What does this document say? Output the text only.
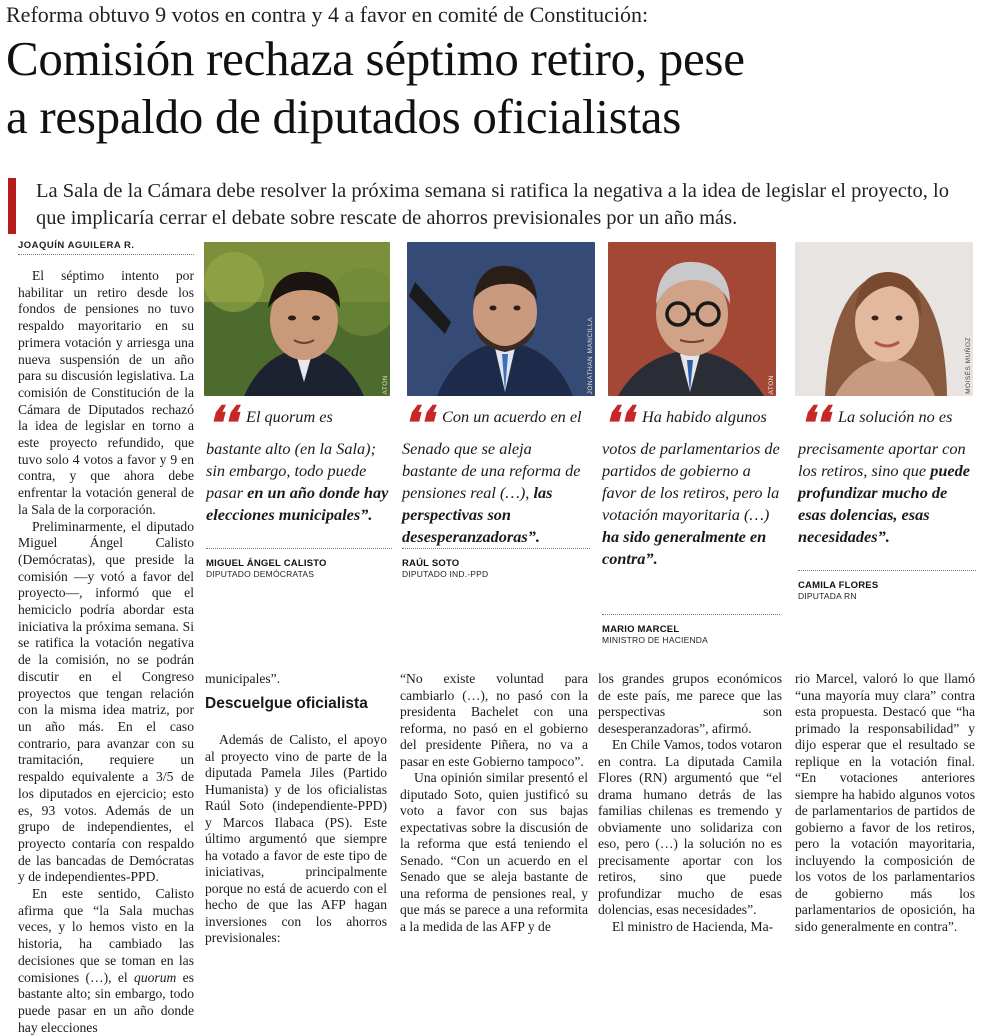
Reforma obtuvo 9 votos en contra y 4 a favor en comité de Constitución:
Comisión rechaza séptimo retiro, pese
a respaldo de diputados oficialistas
La Sala de la Cámara debe resolver la próxima semana si ratifica la negativa a la idea de legislar el proyecto, lo que implicaría cerrar el debate sobre rescate de ahorros previsionales por un año más.
JOAQUÍN AGUILERA R.

El séptimo intento por habilitar un retiro desde los fondos de pensiones no tuvo respaldo mayoritario en su primera votación y arriesga una nueva suspensión de un año para su discusión legislativa. La comisión de Constitución de la Cámara de Diputados rechazó la idea de legislar en torno a este proyecto refundido, que tuvo solo 4 votos a favor y 9 en contra, y que ahora debe enfrentar la votación general de la Sala de la corporación.

Preliminarmente, el diputado Miguel Ángel Calisto (Demócratas), que preside la comisión —y votó a favor del proyecto—, informó que el hemiciclo podría abordar esta iniciativa la próxima semana. Si se ratifica la votación negativa de la comisión, no se podrán discutir en el Congreso proyectos que tengan relación con la misma idea matriz, por un año más. En el caso contrario, para avanzar con su tramitación, requiere un respaldo equivalente a 3/5 de los diputados en ejercicio; esto es, 93 votos. Además de un grupo de independientes, el proyecto contaría con respaldo de las bancadas de Demócratas y de independientes-PPD.

En este sentido, Calisto afirma que “la Sala muchas veces, y lo hemos visto en la historia, ha cambiado las decisiones que se toman en las comisiones (…), el quorum es bastante alto; sin embargo, todo puede pasar en un año donde hay elecciones

ATON	JONATHAN MANCILLA	ATON	MOISÉS MUÑOZ
❛❛ El quorum es bastante alto (en la Sala); sin embargo, todo puede pasar en un año donde hay elecciones municipales”.
MIGUEL ÁNGEL CALISTO
DIPUTADO DEMÓCRATAS
❛❛ Con un acuerdo en el Senado que se aleja bastante de una reforma de pensiones real (…), las perspectivas son desesperanzadoras”.
RAÚL SOTO
DIPUTADO IND.-PPD
❛❛ Ha habido algunos votos de parlamentarios de partidos de gobierno a favor de los retiros, pero la votación mayoritaria (…) ha sido generalmente en contra”.
MARIO MARCEL
MINISTRO DE HACIENDA
❛❛ La solución no es precisamente aportar con los retiros, sino que puede profundizar mucho de esas dolencias, esas necesidades”.
CAMILA FLORES
DIPUTADA RN
municipales”.
Descuelgue oficialista

Además de Calisto, el apoyo al proyecto vino de parte de la diputada Pamela Jiles (Partido Humanista) y de los oficialistas Raúl Soto (independiente-PPD) y Marcos Ilabaca (PS). Este último argumentó que siempre ha votado a favor de este tipo de iniciativas, principalmente porque no está de acuerdo con el hecho de que las AFP hagan inversiones con los ahorros previsionales:

“No existe voluntad para cambiarlo (…), no pasó con la presidenta Bachelet con una reforma, no pasó en el gobierno del presidente Piñera, no va a pasar en este Gobierno tampoco”.

Una opinión similar presentó el diputado Soto, quien justificó su voto a favor con sus bajas expectativas sobre la discusión de la reforma que está teniendo el Senado. “Con un acuerdo en el Senado que se aleja bastante de una reforma de pensiones real, y que más se parece a una reformita a la medida de las AFP y de

los grandes grupos económicos de este país, me parece que las perspectivas son desesperanzadoras”, afirmó.

En Chile Vamos, todos votaron en contra. La diputada Camila Flores (RN) argumentó que “el drama humano detrás de las familias chilenas es tremendo y obviamente uno solidariza con eso, pero (…) la solución no es precisamente aportar con los retiros, sino que puede profundizar mucho de esas dolencias, esas necesidades”.

El ministro de Hacienda, Ma-

rio Marcel, valoró lo que llamó “una mayoría muy clara” contra esta propuesta. Destacó que “ha primado la responsabilidad” y dijo esperar que el resultado se replique en la votación final. “En votaciones anteriores siempre ha habido algunos votos de parlamentarios de partidos de gobierno a favor de los retiros, pero la votación mayoritaria, incluyendo la composición de los votos de los parlamentarios de gobierno más los parlamentarios de oposición, ha sido generalmente en contra”.
